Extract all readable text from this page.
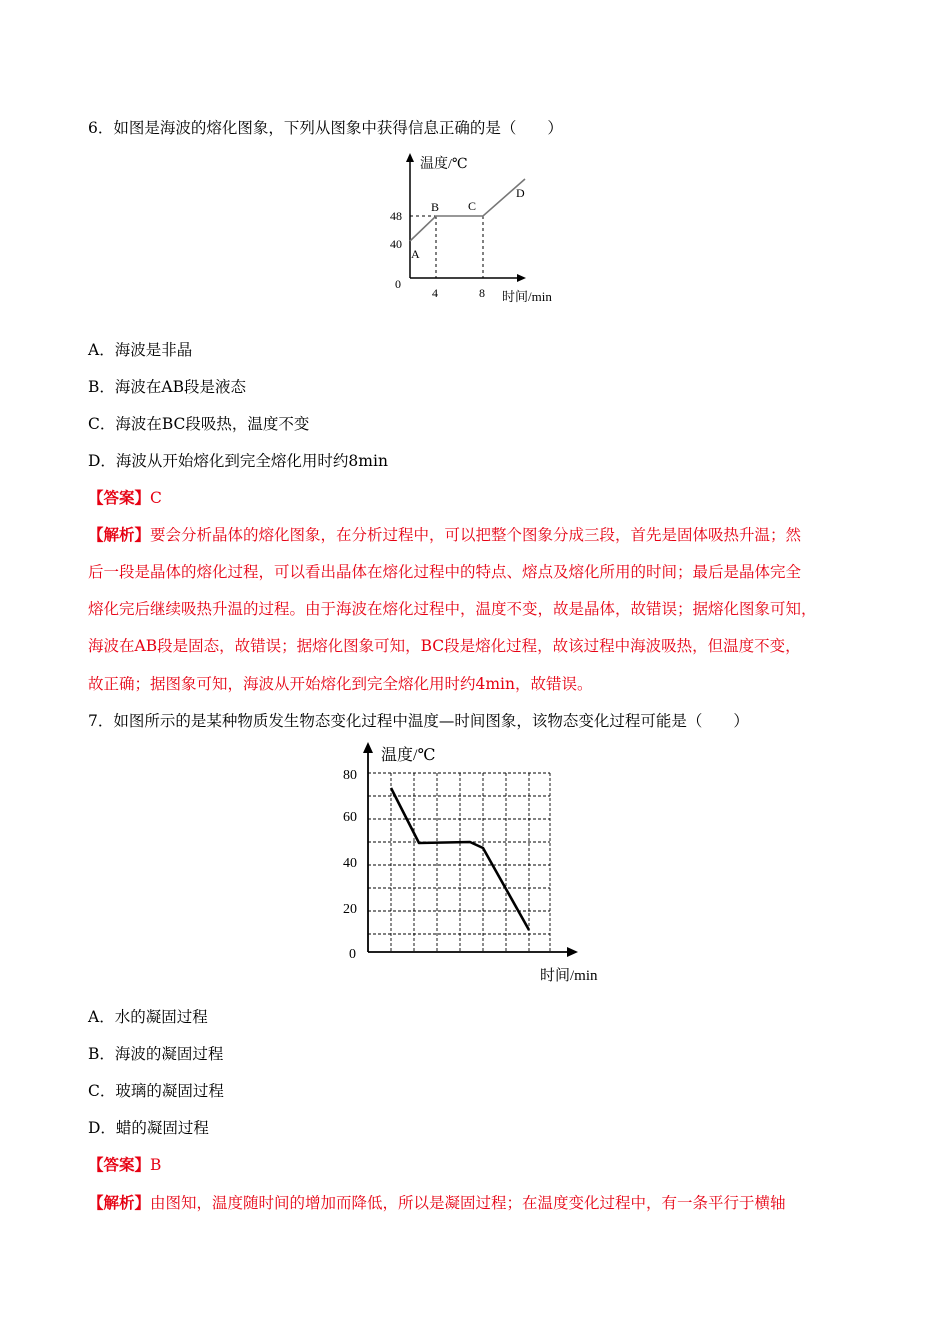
6．如图是海波的熔化图象，下列从图象中获得信息正确的是（　　）
温度/℃
时间/min
48
40
0
4	8
A
B C
D
A．海波是非晶
B．海波在AB段是液态
C．海波在BC段吸热，温度不变
D．海波从开始熔化到完全熔化用时约8min
【答案】C
【解析】要会分析晶体的熔化图象，在分析过程中，可以把整个图象分成三段，首先是固体吸热升温；然
后一段是晶体的熔化过程，可以看出晶体在熔化过程中的特点、熔点及熔化所用的时间；最后是晶体完全
熔化完后继续吸热升温的过程。由于海波在熔化过程中，温度不变，故是晶体，故错误；据熔化图象可知，
海波在AB段是固态，故错误；据熔化图象可知，BC段是熔化过程，故该过程中海波吸热，但温度不变，
故正确；据图象可知，海波从开始熔化到完全熔化用时约4min，故错误。
7．如图所示的是某种物质发生物态变化过程中温度—时间图象，该物态变化过程可能是（　　）
温度/℃
时间/min
80
60
40
20
0
A．水的凝固过程
B．海波的凝固过程
C．玻璃的凝固过程
D．蜡的凝固过程
【答案】B
【解析】由图知，温度随时间的增加而降低，所以是凝固过程；在温度变化过程中，有一条平行于横轴
